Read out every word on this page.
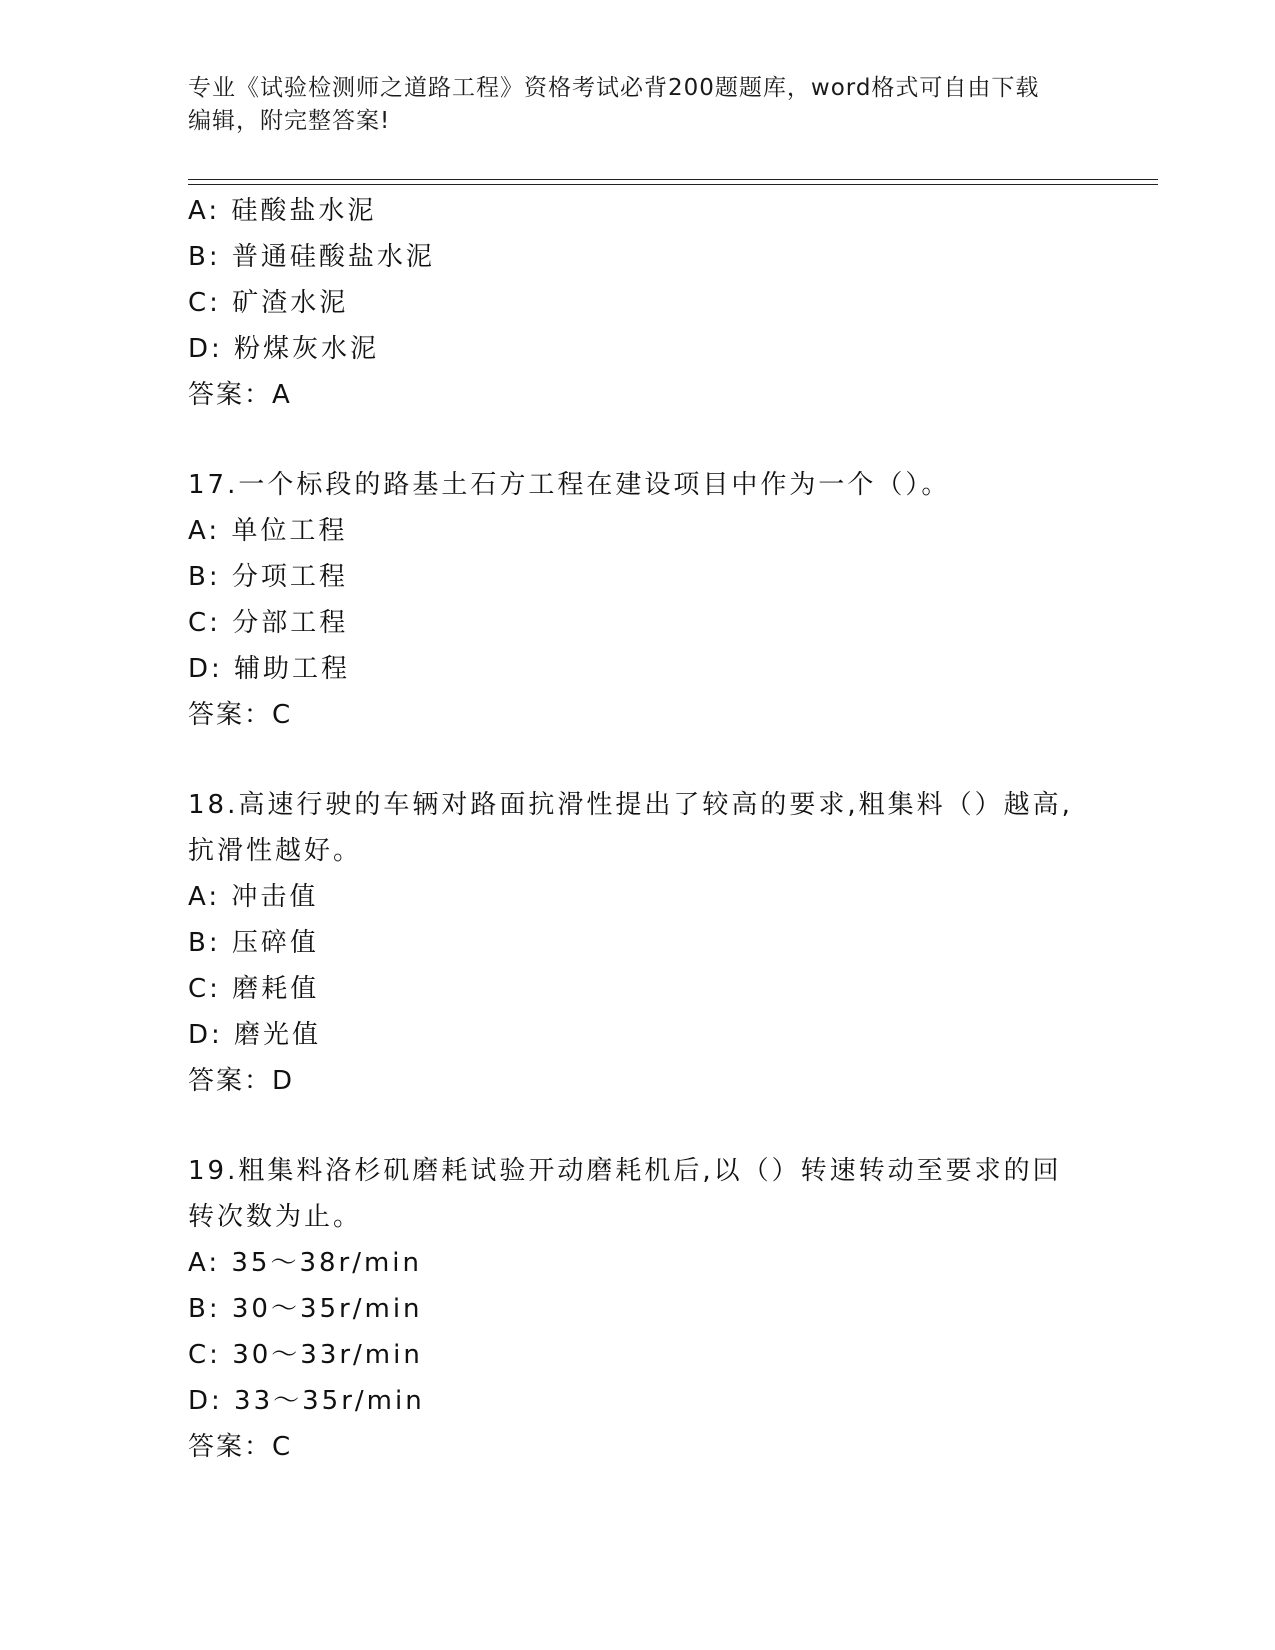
专业《试验检测师之道路工程》资格考试必背200题题库，word格式可自由下载
编辑，附完整答案!
A: 硅酸盐水泥
B: 普通硅酸盐水泥
C: 矿渣水泥
D: 粉煤灰水泥
答案：A
17.一个标段的路基土石方工程在建设项目中作为一个（）。
A: 单位工程
B: 分项工程
C: 分部工程
D: 辅助工程
答案：C
18.高速行驶的车辆对路面抗滑性提出了较高的要求,粗集料（）越高,
抗滑性越好。
A: 冲击值
B: 压碎值
C: 磨耗值
D: 磨光值
答案：D
19.粗集料洛杉矶磨耗试验开动磨耗机后,以（）转速转动至要求的回
转次数为止。
A: 35～38r/min
B: 30～35r/min
C: 30～33r/min
D: 33～35r/min
答案：C
